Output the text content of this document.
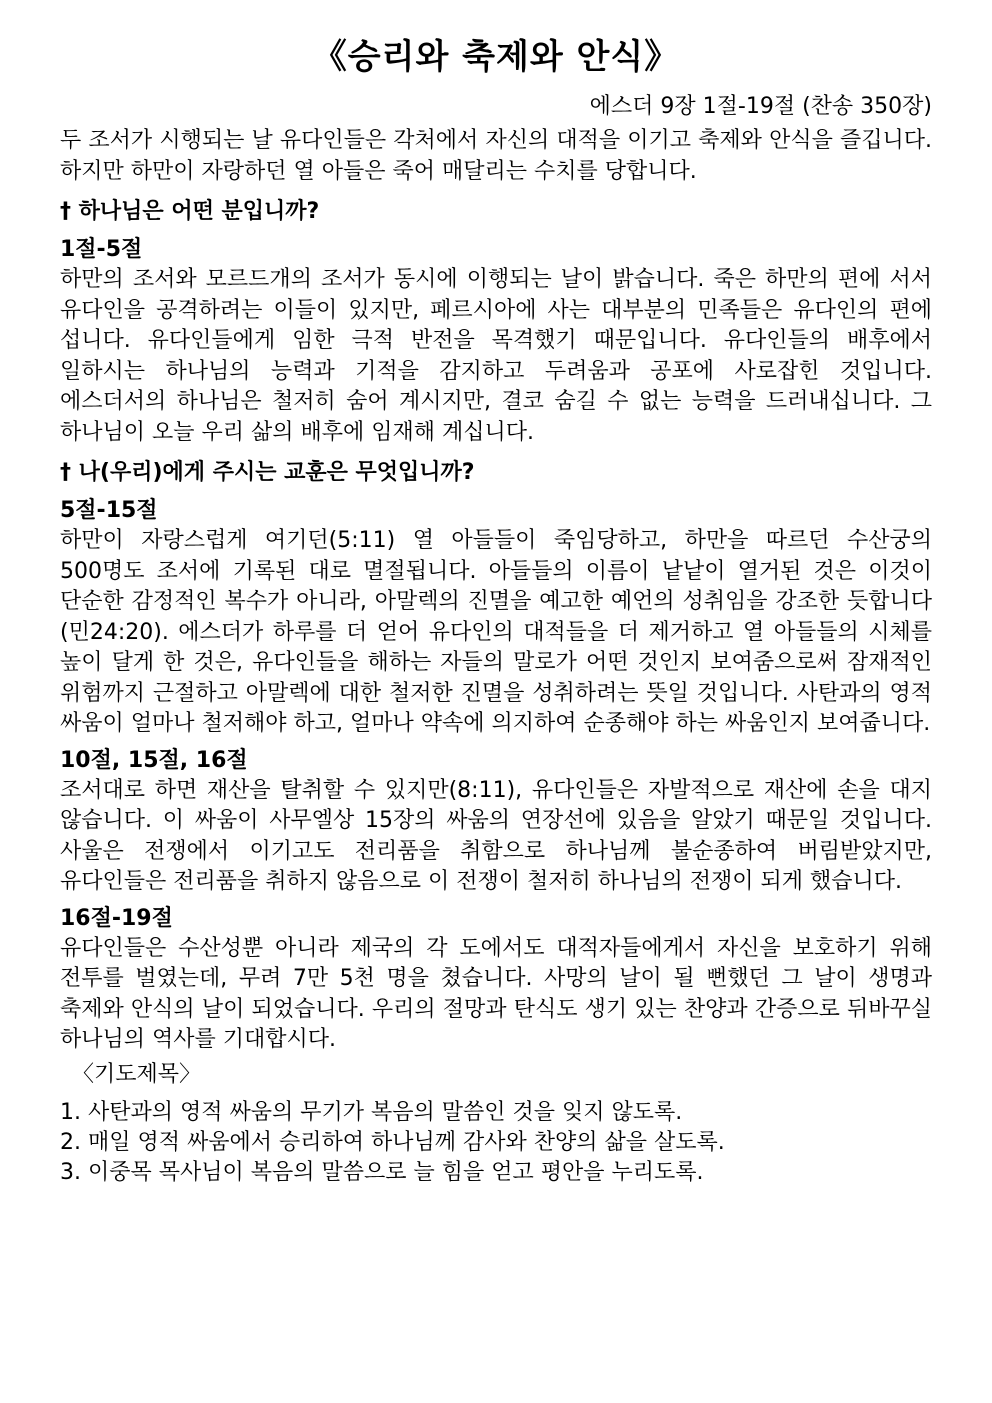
《승리와 축제와 안식》
에스더 9장 1절-19절 (찬송 350장)

두 조서가 시행되는 날 유다인들은 각처에서 자신의 대적을 이기고 축제와 안식을 즐깁니다. 하지만 하만이 자랑하던 열 아들은 죽어 매달리는 수치를 당합니다.

† 하나님은 어떤 분입니까?
1절-5절

하만의 조서와 모르드개의 조서가 동시에 이행되는 날이 밝습니다. 죽은 하만의 편에 서서 유다인을 공격하려는 이들이 있지만, 페르시아에 사는 대부분의 민족들은 유다인의 편에 섭니다. 유다인들에게 임한 극적 반전을 목격했기 때문입니다. 유다인들의 배후에서 일하시는 하나님의 능력과 기적을 감지하고 두려움과 공포에 사로잡힌 것입니다. 에스더서의 하나님은 철저히 숨어 계시지만, 결코 숨길 수 없는 능력을 드러내십니다. 그 하나님이 오늘 우리 삶의 배후에 임재해 계십니다.

† 나(우리)에게 주시는 교훈은 무엇입니까?
5절-15절

하만이 자랑스럽게 여기던(5:11) 열 아들들이 죽임당하고, 하만을 따르던 수산궁의 500명도 조서에 기록된 대로 멸절됩니다. 아들들의 이름이 낱낱이 열거된 것은 이것이 단순한 감정적인 복수가 아니라, 아말렉의 진멸을 예고한 예언의 성취임을 강조한 듯합니다(민24:20). 에스더가 하루를 더 얻어 유다인의 대적들을 더 제거하고 열 아들들의 시체를 높이 달게 한 것은, 유다인들을 해하는 자들의 말로가 어떤 것인지 보여줌으로써 잠재적인 위험까지 근절하고 아말렉에 대한 철저한 진멸을 성취하려는 뜻일 것입니다. 사탄과의 영적 싸움이 얼마나 철저해야 하고, 얼마나 약속에 의지하여 순종해야 하는 싸움인지 보여줍니다.

10절, 15절, 16절

조서대로 하면 재산을 탈취할 수 있지만(8:11), 유다인들은 자발적으로 재산에 손을 대지 않습니다. 이 싸움이 사무엘상 15장의 싸움의 연장선에 있음을 알았기 때문일 것입니다. 사울은 전쟁에서 이기고도 전리품을 취함으로 하나님께 불순종하여 버림받았지만, 유다인들은 전리품을 취하지 않음으로 이 전쟁이 철저히 하나님의 전쟁이 되게 했습니다.

16절-19절

유다인들은 수산성뿐 아니라 제국의 각 도에서도 대적자들에게서 자신을 보호하기 위해 전투를 벌였는데, 무려 7만 5천 명을 쳤습니다. 사망의 날이 될 뻔했던 그 날이 생명과 축제와 안식의 날이 되었습니다. 우리의 절망과 탄식도 생기 있는 찬양과 간증으로 뒤바꾸실 하나님의 역사를 기대합시다.

〈기도제목〉

1. 사탄과의 영적 싸움의 무기가 복음의 말씀인 것을 잊지 않도록.

2. 매일 영적 싸움에서 승리하여 하나님께 감사와 찬양의 삶을 살도록.

3. 이중목 목사님이 복음의 말씀으로 늘 힘을 얻고 평안을 누리도록.
